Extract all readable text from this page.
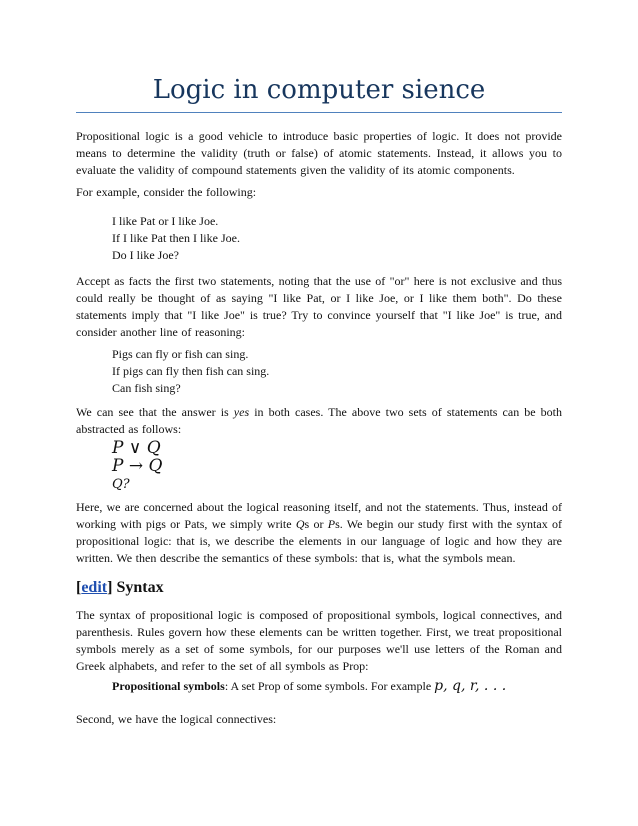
Logic in computer sience

Propositional logic is a good vehicle to introduce basic properties of logic. It does not provide means to determine the validity (truth or false) of atomic statements. Instead, it allows you to evaluate the validity of compound statements given the validity of its atomic components.

For example, consider the following:

I like Pat or I like Joe.

If I like Pat then I like Joe.

Do I like Joe?

Accept as facts the first two statements, noting that the use of "or" here is not exclusive and thus could really be thought of as saying "I like Pat, or I like Joe, or I like them both". Do these statements imply that "I like Joe" is true? Try to convince yourself that "I like Joe" is true, and consider another line of reasoning:

Pigs can fly or fish can sing.

If pigs can fly then fish can sing.

Can fish sing?

We can see that the answer is yes in both cases. The above two sets of statements can be both abstracted as follows:

P ∨ Q

P → Q

Q?

Here, we are concerned about the logical reasoning itself, and not the statements. Thus, instead of working with pigs or Pats, we simply write Qs or Ps. We begin our study first with the syntax of propositional logic: that is, we describe the elements in our language of logic and how they are written. We then describe the semantics of these symbols: that is, what the symbols mean.

[edit] Syntax

The syntax of propositional logic is composed of propositional symbols, logical connectives, and parenthesis. Rules govern how these elements can be written together. First, we treat propositional symbols merely as a set of some symbols, for our purposes we'll use letters of the Roman and Greek alphabets, and refer to the set of all symbols as Prop:

Propositional symbols: A set Prop of some symbols. For example p, q, r, . . .

Second, we have the logical connectives:
